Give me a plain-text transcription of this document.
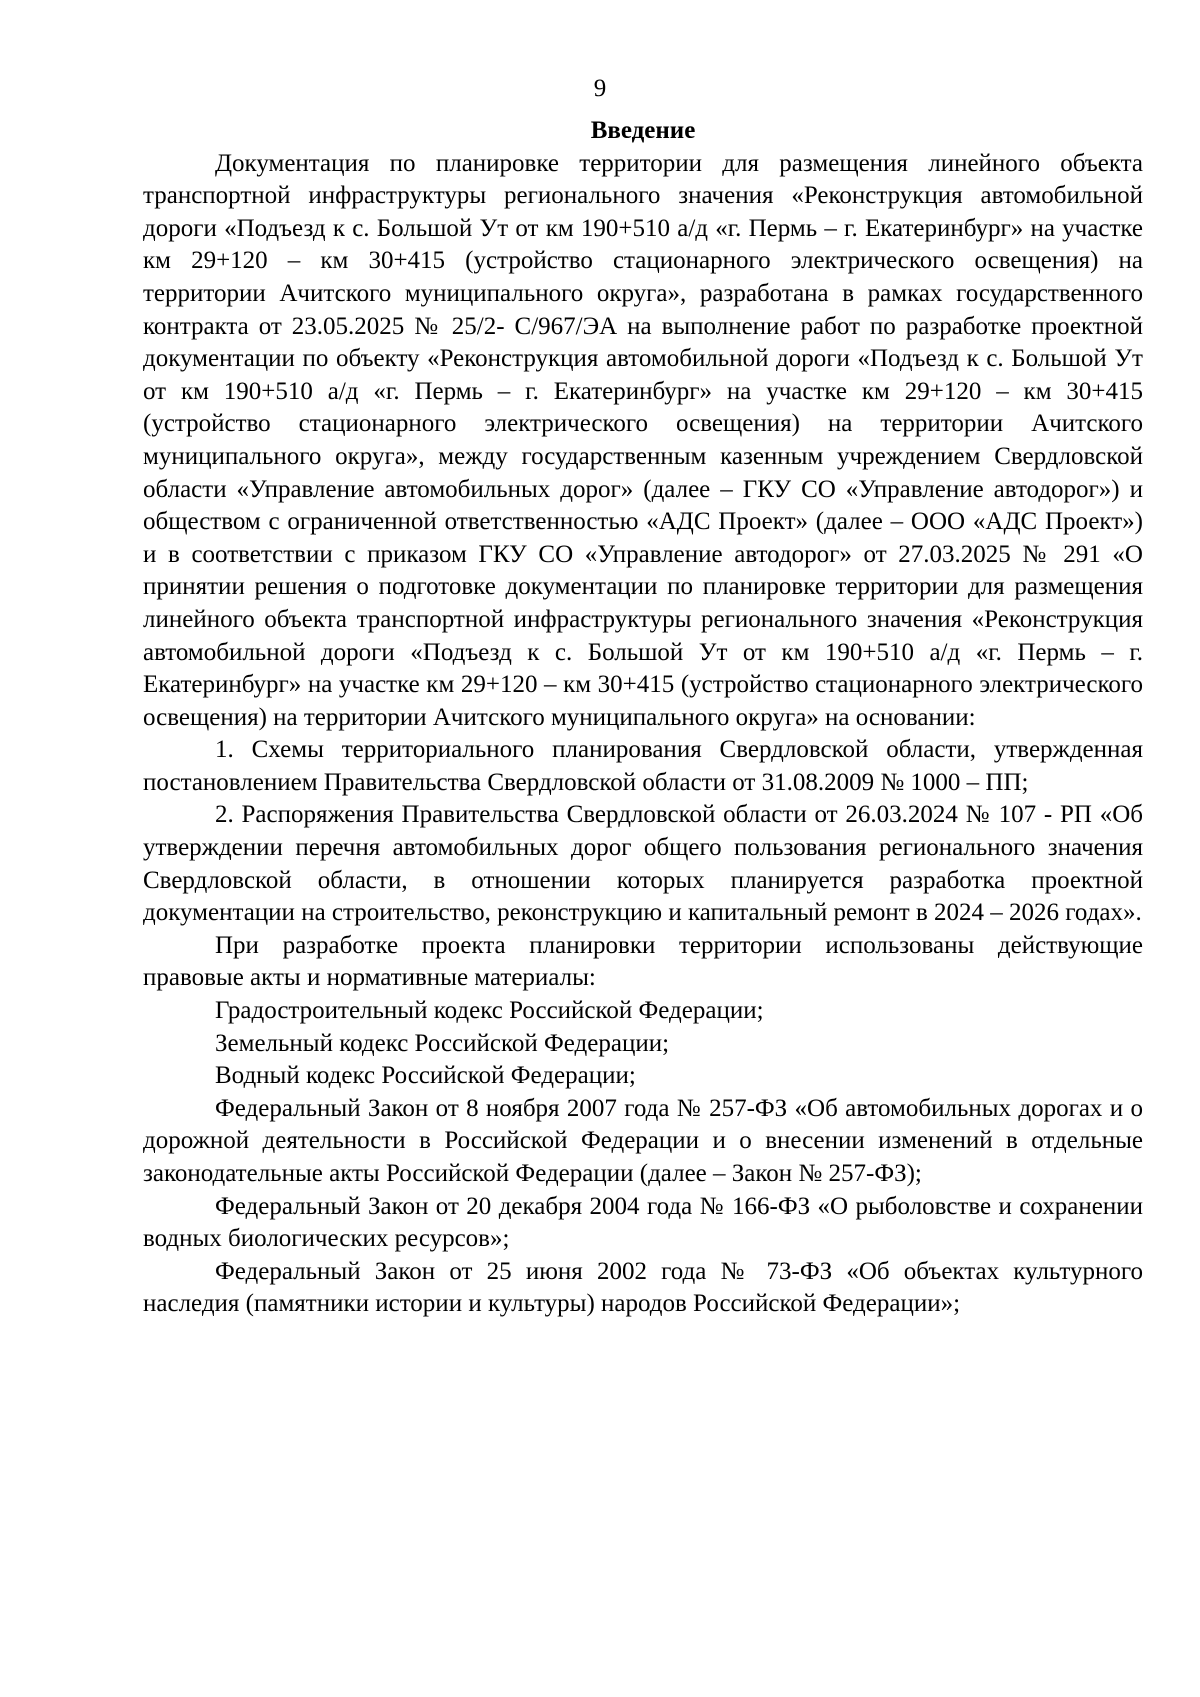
9
Введение

Документация по планировке территории для размещения линейного объекта транспортной инфраструктуры регионального значения «Реконструкция автомобильной дороги «Подъезд к с. Большой Ут от км 190+510 а/д «г. Пермь – г. Екатеринбург» на участке км 29+120 – км 30+415 (устройство стационарного электрического освещения) на территории Ачитского муниципального округа», разработана в рамках государственного контракта от 23.05.2025 № 25/2- С/967/ЭА на выполнение работ по разработке проектной документации по объекту «Реконструкция автомобильной дороги «Подъезд к с. Большой Ут от км 190+510 а/д «г. Пермь – г. Екатеринбург» на участке км 29+120 – км 30+415 (устройство стационарного электрического освещения) на территории Ачитского муниципального округа», между государственным казенным учреждением Свердловской области «Управление автомобильных дорог» (далее – ГКУ СО «Управление автодорог») и обществом с ограниченной ответственностью «АДС Проект» (далее – ООО «АДС Проект») и в соответствии с приказом ГКУ СО «Управление автодорог» от 27.03.2025 № 291 «О принятии решения о подготовке документации по планировке территории для размещения линейного объекта транспортной инфраструктуры регионального значения «Реконструкция автомобильной дороги «Подъезд к с. Большой Ут от км 190+510 а/д «г. Пермь – г. Екатеринбург» на участке км 29+120 – км 30+415 (устройство стационарного электрического освещения) на территории Ачитского муниципального округа» на основании:

1. Схемы территориального планирования Свердловской области, утвержденная постановлением Правительства Свердловской области от 31.08.2009 № 1000 – ПП;

2. Распоряжения Правительства Свердловской области от 26.03.2024 № 107 - РП «Об утверждении перечня автомобильных дорог общего пользования регионального значения Свердловской области, в отношении которых планируется разработка проектной документации на строительство, реконструкцию и капитальный ремонт в 2024 – 2026 годах».

При разработке проекта планировки территории использованы действующие правовые акты и нормативные материалы:

Градостроительный кодекс Российской Федерации;

Земельный кодекс Российской Федерации;

Водный кодекс Российской Федерации;

Федеральный Закон от 8 ноября 2007 года № 257-ФЗ «Об автомобильных дорогах и о дорожной деятельности в Российской Федерации и о внесении изменений в отдельные законодательные акты Российской Федерации (далее – Закон № 257-ФЗ);

Федеральный Закон от 20 декабря 2004 года № 166-ФЗ «О рыболовстве и сохранении водных биологических ресурсов»;

Федеральный Закон от 25 июня 2002 года № 73-ФЗ «Об объектах культурного наследия (памятники истории и культуры) народов Российской Федерации»;
